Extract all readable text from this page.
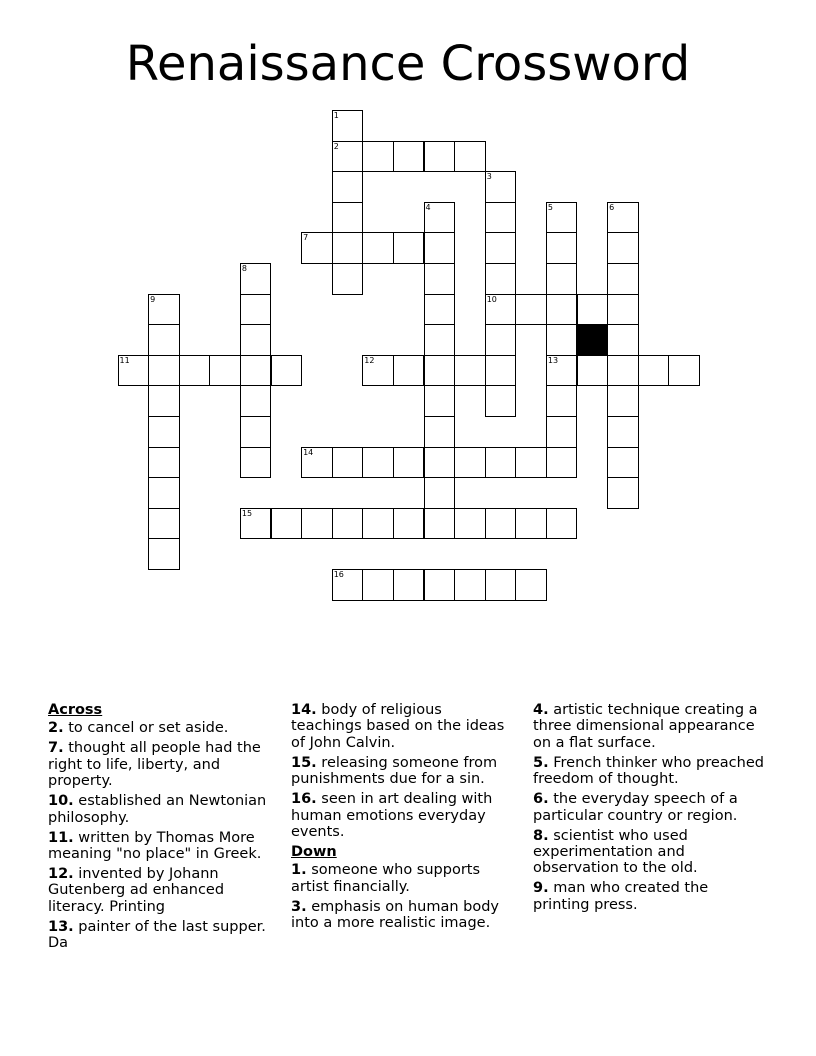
Renaissance Crossword
1
2
3
4	5	6
7
8
9	10
11	12	13
14
15
16
Across
2. to cancel or set aside.
7. thought all people had the right to life, liberty, and property.
10. established an Newtonian philosophy.
11. written by Thomas More meaning "no place" in Greek.
12. invented by Johann Gutenberg ad enhanced literacy. Printing
13. painter of the last supper. Da
14. body of religious teachings based on the ideas of John Calvin.
15. releasing someone from punishments due for a sin.
16. seen in art dealing with human emotions everyday events.
Down
1. someone who supports artist financially.
3. emphasis on human body into a more realistic image.
4. artistic technique creating a three dimensional appearance on a flat surface.
5. French thinker who preached freedom of thought.
6. the everyday speech of a particular country or region.
8. scientist who used experimentation and observation to the old.
9. man who created the printing press.
